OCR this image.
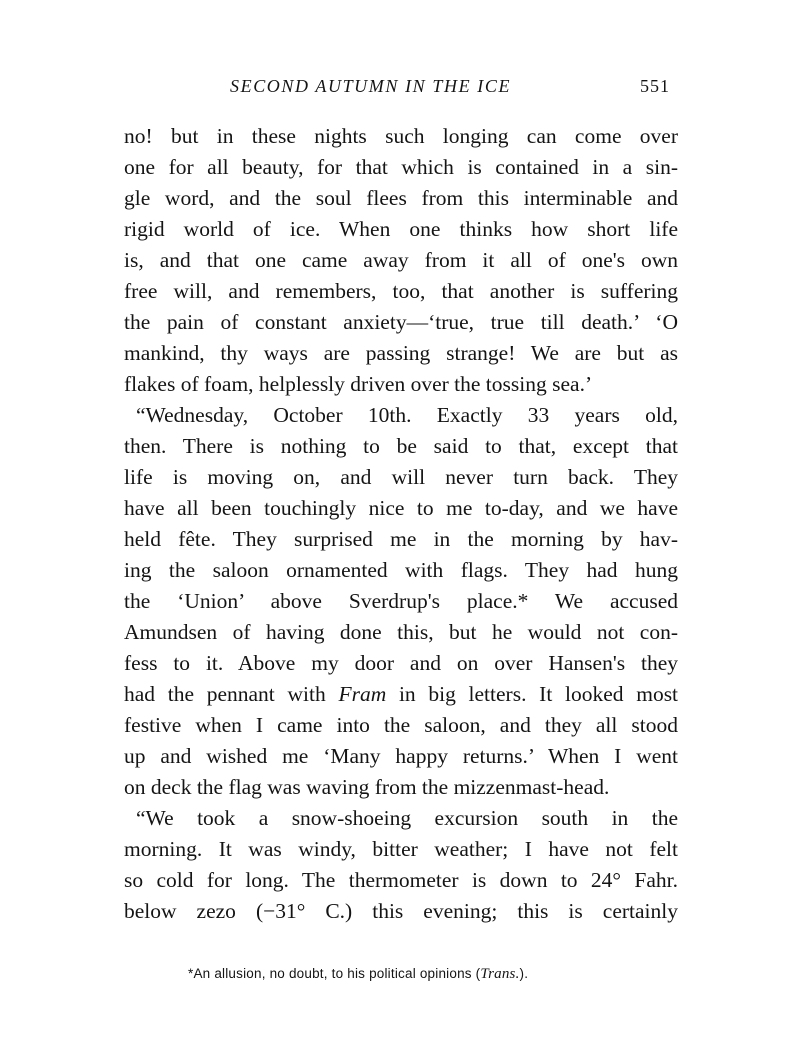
SECOND AUTUMN IN THE ICE	551
no! but in these nights such longing can come over
one for all beauty, for that which is contained in a sin-
gle word, and the soul flees from this interminable and
rigid world of ice. When one thinks how short life
is, and that one came away from it all of one's own
free will, and remembers, too, that another is suffering
the pain of constant anxiety—‘true, true till death.’ ‘O
mankind, thy ways are passing strange! We are but as
flakes of foam, helplessly driven over the tossing sea.’
“Wednesday, October 10th. Exactly 33 years old,
then. There is nothing to be said to that, except that
life is moving on, and will never turn back. They
have all been touchingly nice to me to-day, and we have
held fête. They surprised me in the morning by hav-
ing the saloon ornamented with flags. They had hung
the ‘Union’ above Sverdrup's place.* We accused
Amundsen of having done this, but he would not con-
fess to it. Above my door and on over Hansen's they
had the pennant with Fram in big letters. It looked most
festive when I came into the saloon, and they all stood
up and wished me ‘Many happy returns.’ When I went
on deck the flag was waving from the mizzenmast-head.
“We took a snow-shoeing excursion south in the
morning. It was windy, bitter weather; I have not felt
so cold for long. The thermometer is down to 24° Fahr.
below zezo (−31° C.) this evening; this is certainly
*An allusion, no doubt, to his political opinions (Trans.).
